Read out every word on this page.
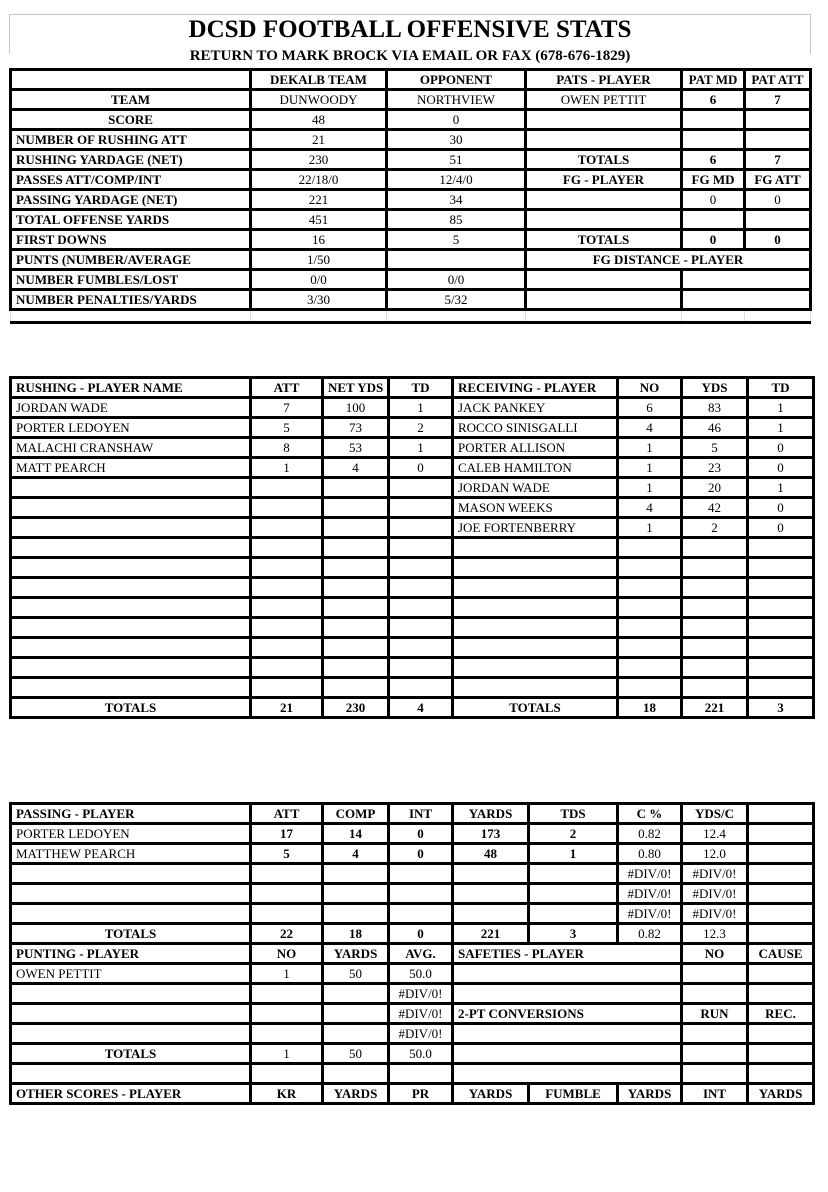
DCSD FOOTBALL OFFENSIVE STATS
RETURN TO MARK BROCK VIA EMAIL OR FAX (678-676-1829)
	DEKALB TEAM	OPPONENT	PATS - PLAYER	PAT MD	PAT ATT
TEAM	DUNWOODY	NORTHVIEW	OWEN PETTIT	6	7
SCORE	48	0			
NUMBER OF RUSHING ATT	21	30			
RUSHING YARDAGE (NET)	230	51	TOTALS	6	7
PASSES ATT/COMP/INT	22/18/0	12/4/0	FG - PLAYER	FG MD	FG ATT
PASSING YARDAGE (NET)	221	34		0	0
TOTAL OFFENSE YARDS	451	85			
FIRST DOWNS	16	5	TOTALS	0	0
PUNTS (NUMBER/AVERAGE	1/50		FG DISTANCE - PLAYER		
NUMBER FUMBLES/LOST	0/0	0/0			
NUMBER PENALTIES/YARDS	3/30	5/32			

RUSHING - PLAYER NAME	ATT	NET YDS	TD	RECEIVING - PLAYER	NO	YDS	TD
JORDAN WADE	7	100	1	JACK PANKEY	6	83	1
PORTER LEDOYEN	5	73	2	ROCCO SINISGALLI	4	46	1
MALACHI CRANSHAW	8	53	1	PORTER ALLISON	1	5	0
MATT PEARCH	1	4	0	CALEB HAMILTON	1	23	0
				JORDAN WADE	1	20	1
				MASON WEEKS	4	42	0
				JOE FORTENBERRY	1	2	0

TOTALS	21	230	4	TOTALS	18	221	3
PASSING - PLAYER	ATT	COMP	INT	YARDS	TDS	C %	YDS/C	
PORTER LEDOYEN	17	14	0	173	2	0.82	12.4	
MATTHEW PEARCH	5	4	0	48	1	0.80	12.0	
						#DIV/0!	#DIV/0!	
						#DIV/0!	#DIV/0!	
						#DIV/0!	#DIV/0!	
TOTALS	22	18	0	221	3	0.82	12.3	
PUNTING - PLAYER	NO	YARDS	AVG.	SAFETIES - PLAYER			NO	CAUSE
OWEN PETTIT	1	50	50.0					
			#DIV/0!					
			#DIV/0!	2-PT CONVERSIONS			RUN	REC.
			#DIV/0!					
TOTALS	1	50	50.0					

OTHER SCORES - PLAYER	KR	YARDS	PR	YARDS	FUMBLE	YARDS	INT	YARDS
